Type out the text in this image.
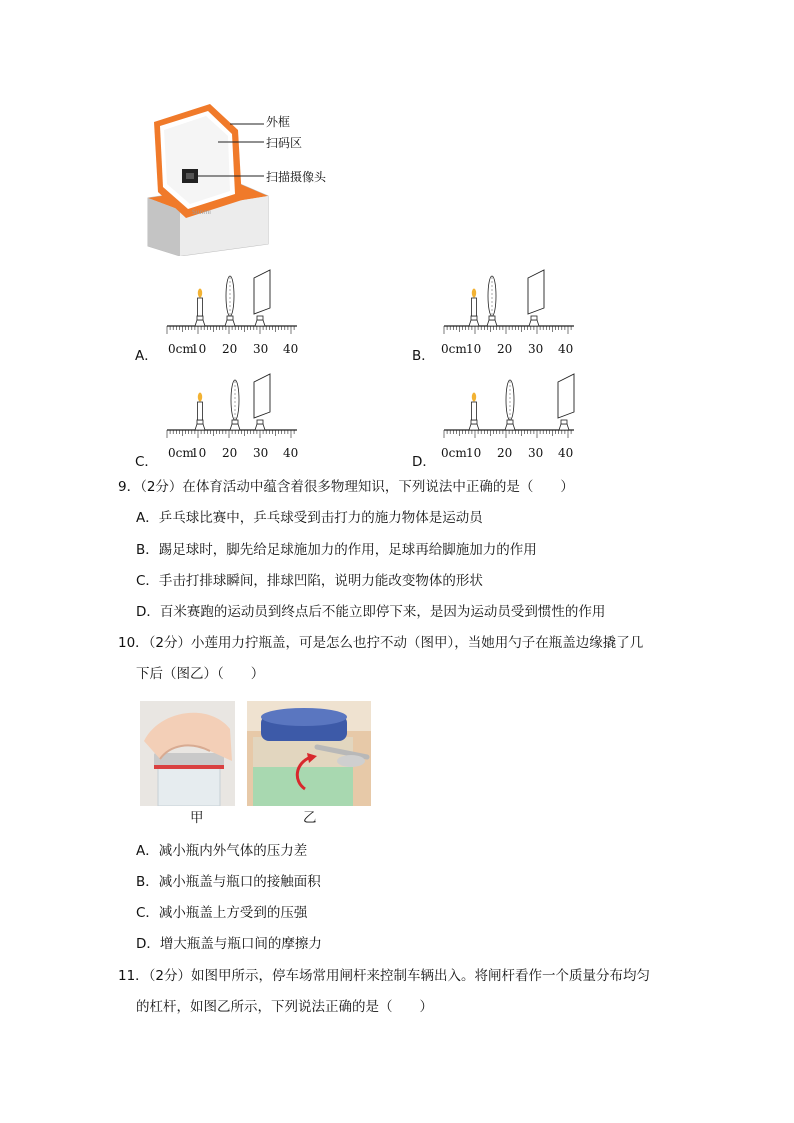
Sunmi
外框
扫码区
扫描摄像头
A． 0cm
10 20 30 40	B． 0cm 10 20 30 40
C．
0cm
10 20 30 40
D．
0cm 10 20 30 40
9．（2分）在体育活动中蕴含着很多物理知识，下列说法中正确的是（　　）
A．乒乓球比赛中，乒乓球受到击打力的施力物体是运动员
B．踢足球时，脚先给足球施加力的作用，足球再给脚施加力的作用
C．手击打排球瞬间，排球凹陷，说明力能改变物体的形状
D．百米赛跑的运动员到终点后不能立即停下来，是因为运动员受到惯性的作用
10．（2分）小莲用力拧瓶盖，可是怎么也拧不动（图甲），当她用勺子在瓶盖边缘撬了几
下后（图乙）（　　）
甲	乙
A．减小瓶内外气体的压力差
B．减小瓶盖与瓶口的接触面积
C．减小瓶盖上方受到的压强
D．增大瓶盖与瓶口间的摩擦力
11．（2分）如图甲所示，停车场常用闸杆来控制车辆出入。将闸杆看作一个质量分布均匀
的杠杆，如图乙所示，下列说法正确的是（　　）
